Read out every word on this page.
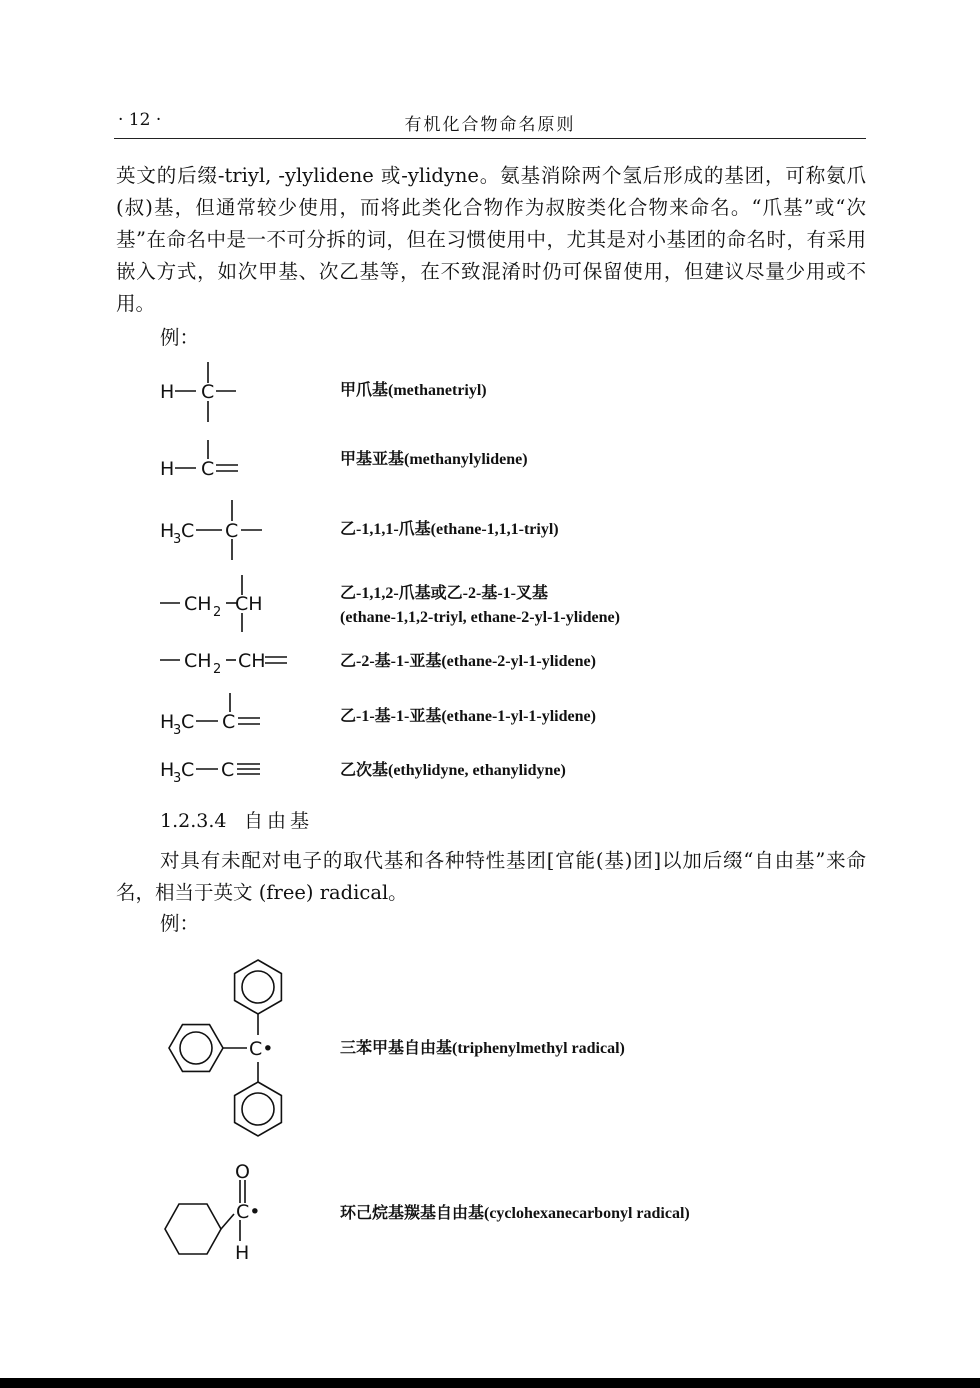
· 12 ·	有机化合物命名原则
英文的后缀-triyl, -ylylidene 或-ylidyne。氨基消除两个氢后形成的基团，可称氨爪(叔)基，但通常较少使用，而将此类化合物作为叔胺类化合物来命名。“爪基”或“次基”在命名中是一不可分拆的词，但在习惯使用中，尤其是对小基团的命名时，有采用嵌入方式，如次甲基、次乙基等，在不致混淆时仍可保留使用，但建议尽量少用或不用。
例：
H C
H C
H
3 C C
CH 2 CH
CH 2 CH
H
3 C C
H
3 C C
C•
O
C•
H
甲爪基(methanetriyl)
甲基亚基(methanylylidene)
乙-1,1,1-爪基(ethane-1,1,1-triyl)
乙-1,1,2-爪基或乙-2-基-1-叉基
(ethane-1,1,2-triyl, ethane-2-yl-1-ylidene)
乙-2-基-1-亚基(ethane-2-yl-1-ylidene)
乙-1-基-1-亚基(ethane-1-yl-1-ylidene)
乙次基(ethylidyne, ethanylidyne)
1.2.3.4 自由基
对具有未配对电子的取代基和各种特性基团[官能(基)团]以加后缀“自由基”来命名，相当于英文 (free) radical。
例：
三苯甲基自由基(triphenylmethyl radical)
环己烷基羰基自由基(cyclohexanecarbonyl radical)
